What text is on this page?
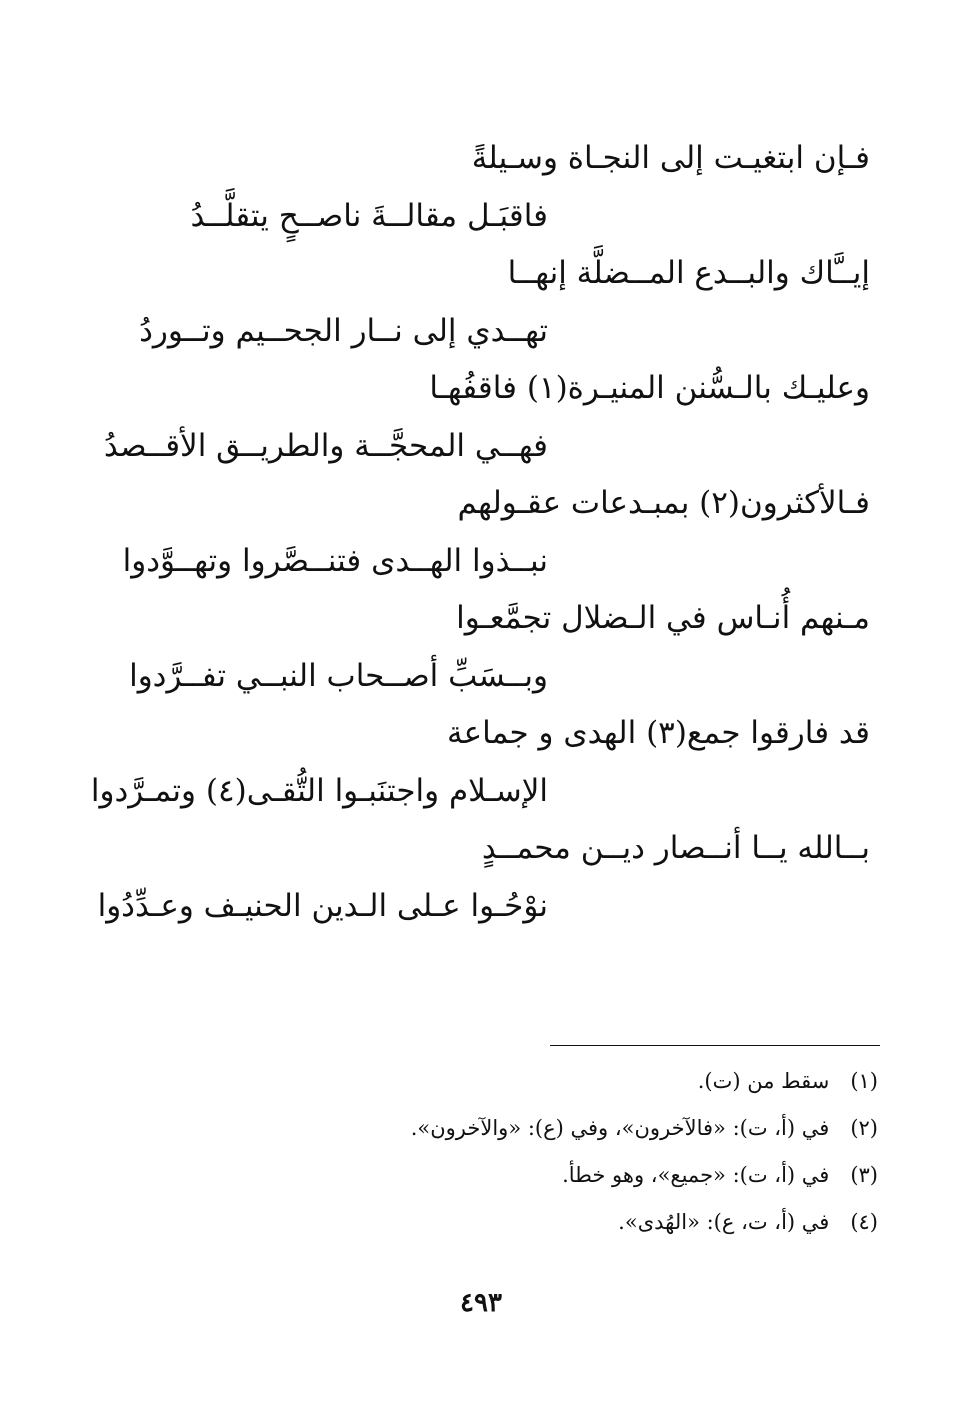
فـإن ابتغيـت إلى النجـاة وسـيلةً
فاقبَـل مقالــةَ ناصــحٍ يتقلَّــدُ
إيــَّاك والبــدع المــضلَّة إنهــا
تهــدي إلى نــار الجحــيم وتــوردُ
وعليـك بالـسُّنن المنيـرة(١) فاقفُهـا
فهــي المحجَّــة والطريــق الأقــصدُ
فـالأكثرون(٢) بمبـدعات عقـولهم
نبــذوا الهــدى فتنــصَّروا وتهــوَّدوا
مـنهم أُنـاس في الـضلال تجمَّعـوا
وبــسَبِّ أصــحاب النبــي تفــرَّدوا
قد فارقوا جمع(٣) الهدى و جماعة
الإسـلام واجتنَبـوا التُّقـى(٤) وتمـرَّدوا
بــالله يــا أنــصار ديــن محمــدٍ
نوْحُـوا عـلى الـدين الحنيـف وعـدِّدُوا
(١) سقط من (ت).
(٢) في (أ، ت): «فالآخرون»، وفي (ع): «والآخرون».
(٣) في (أ، ت): «جميع»، وهو خطأ.
(٤) في (أ، ت، ع): «الهُدى».
٤٩٣
